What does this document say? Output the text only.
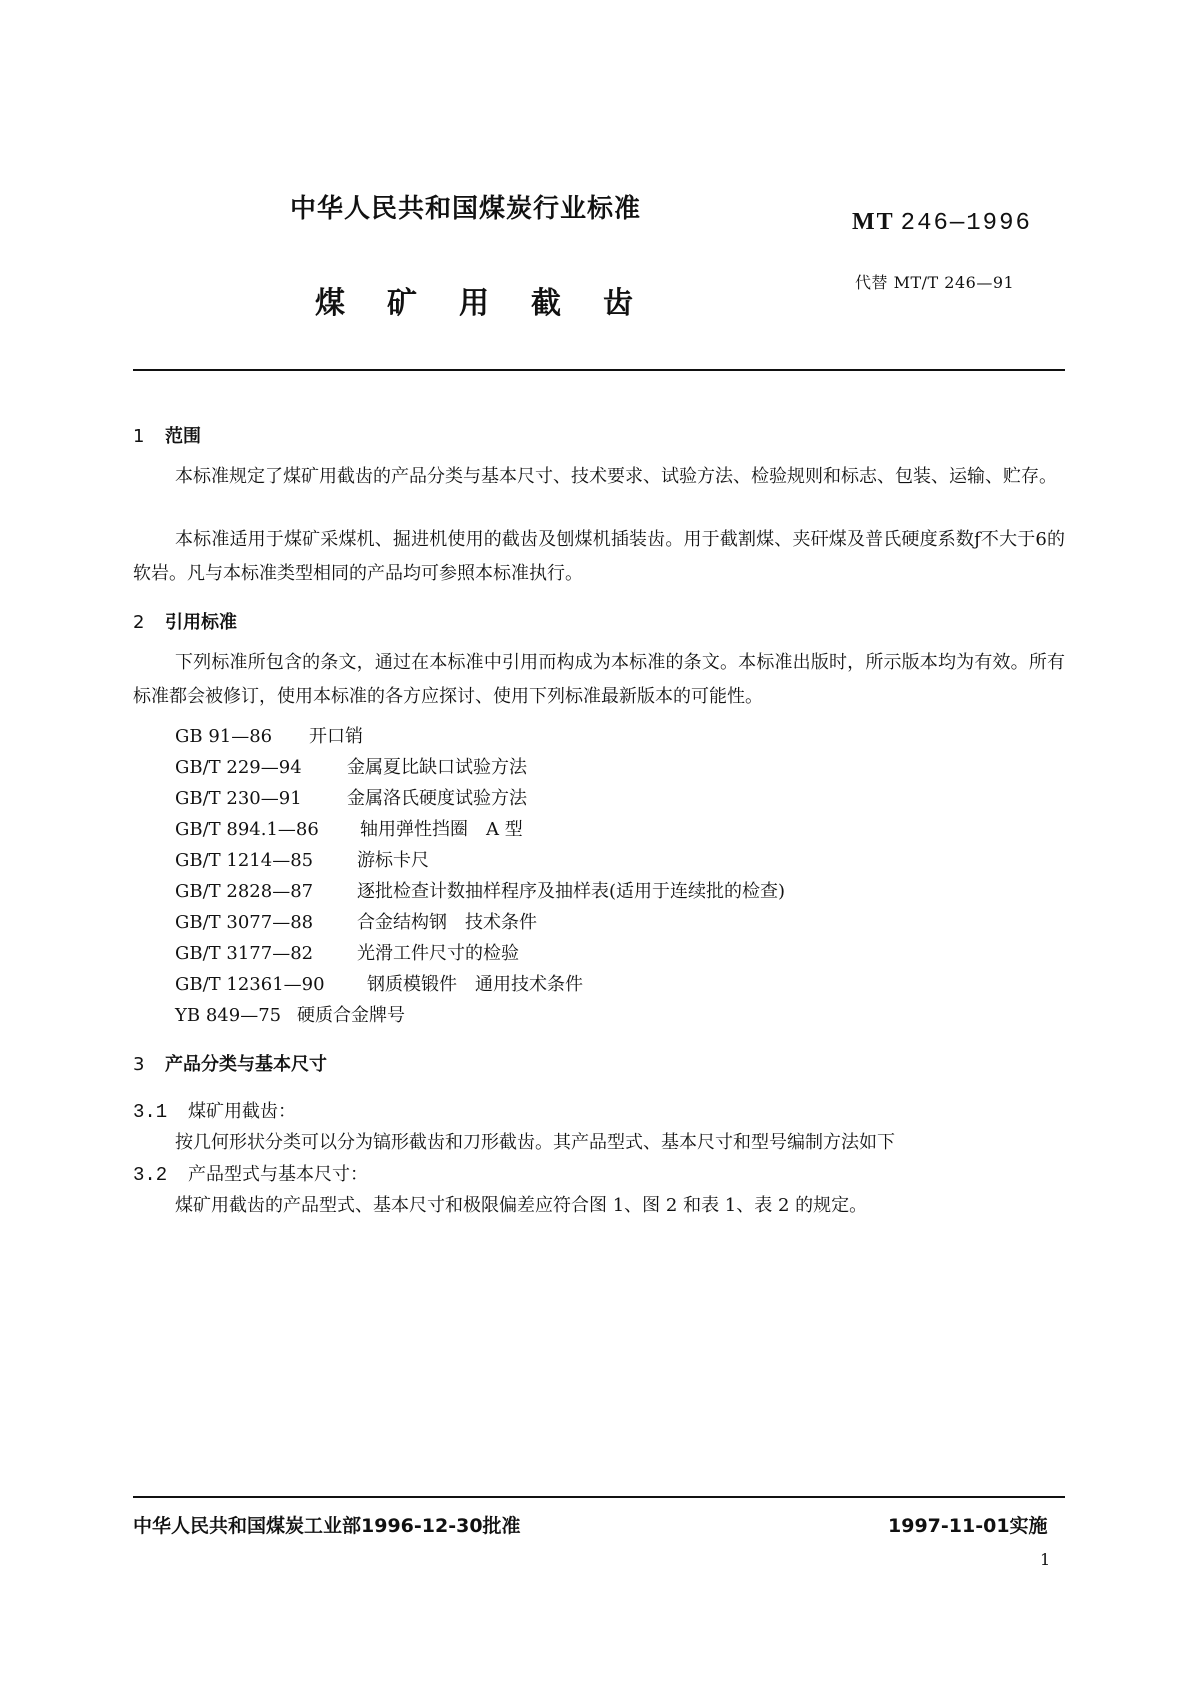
中华人民共和国煤炭行业标准	MT 246—1996
煤矿用截齿
代替 MT/T 246—91
1 范围
本标准规定了煤矿用截齿的产品分类与基本尺寸、技术要求、试验方法、检验规则和标志、包装、运输、贮存。
本标准适用于煤矿采煤机、掘进机使用的截齿及刨煤机插装齿。用于截割煤、夹矸煤及普氏硬度系数ƒ不大于6的软岩。凡与本标准类型相同的产品均可参照本标准执行。
2 引用标准
下列标准所包含的条文，通过在本标准中引用而构成为本标准的条文。本标准出版时，所示版本均为有效。所有标准都会被修订，使用本标准的各方应探讨、使用下列标准最新版本的可能性。
GB 91—86 开口销
GB/T 229—94	金属夏比缺口试验方法
GB/T 230—91	金属洛氏硬度试验方法
GB/T 894.1—86 轴用弹性挡圈　A 型
GB/T 1214—85 游标卡尺
GB/T 2828—87 逐批检查计数抽样程序及抽样表(适用于连续批的检查)
GB/T 3077—88 合金结构钢　技术条件
GB/T 3177—82 光滑工件尺寸的检验
GB/T 12361—90 钢质模锻件　通用技术条件
YB 849—75 硬质合金牌号
3 产品分类与基本尺寸
3.1 煤矿用截齿：
按几何形状分类可以分为镐形截齿和刀形截齿。其产品型式、基本尺寸和型号编制方法如下
3.2 产品型式与基本尺寸：
煤矿用截齿的产品型式、基本尺寸和极限偏差应符合图 1、图 2 和表 1、表 2 的规定。
中华人民共和国煤炭工业部1996-12-30批准	1997-11-01实施
1
